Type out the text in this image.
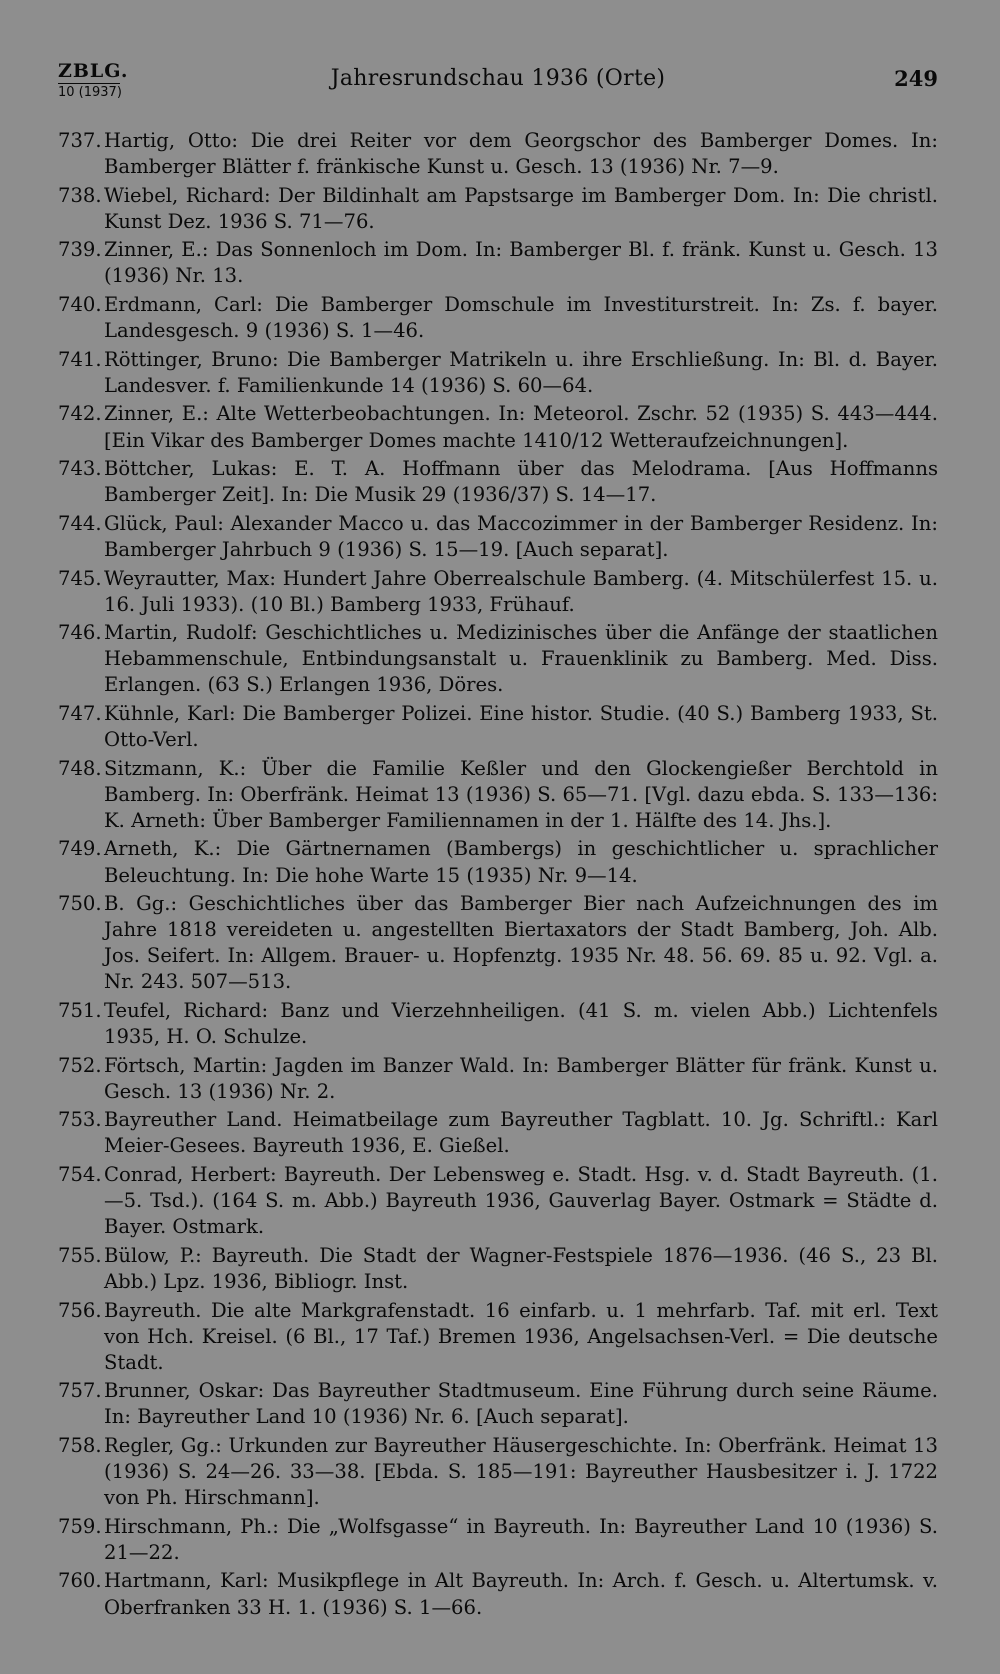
ZBLG.
10 (1937)
Jahresrundschau 1936 (Orte)	249
737. Hartig, Otto: Die drei Reiter vor dem Georgschor des Bamberger Domes. In: Bamberger Blätter f. fränkische Kunst u. Gesch. 13 (1936) Nr. 7—9.
738. Wiebel, Richard: Der Bildinhalt am Papstsarge im Bamberger Dom. In: Die christl. Kunst Dez. 1936 S. 71—76.
739. Zinner, E.: Das Sonnenloch im Dom. In: Bamberger Bl. f. fränk. Kunst u. Gesch. 13 (1936) Nr. 13.
740. Erdmann, Carl: Die Bamberger Domschule im Investiturstreit. In: Zs. f. bayer. Landesgesch. 9 (1936) S. 1—46.
741. Röttinger, Bruno: Die Bamberger Matrikeln u. ihre Erschließung. In: Bl. d. Bayer. Landesver. f. Familienkunde 14 (1936) S. 60—64.
742. Zinner, E.: Alte Wetterbeobachtungen. In: Meteorol. Zschr. 52 (1935) S. 443—444. [Ein Vikar des Bamberger Domes machte 1410/12 Wetteraufzeichnungen].
743. Böttcher, Lukas: E. T. A. Hoffmann über das Melodrama. [Aus Hoffmanns Bamberger Zeit]. In: Die Musik 29 (1936/37) S. 14—17.
744. Glück, Paul: Alexander Macco u. das Maccozimmer in der Bamberger Residenz. In: Bamberger Jahrbuch 9 (1936) S. 15—19. [Auch separat].
745. Weyrautter, Max: Hundert Jahre Oberrealschule Bamberg. (4. Mitschülerfest 15. u. 16. Juli 1933). (10 Bl.) Bamberg 1933, Frühauf.
746. Martin, Rudolf: Geschichtliches u. Medizinisches über die Anfänge der staatlichen Hebammenschule, Entbindungsanstalt u. Frauenklinik zu Bamberg. Med. Diss. Erlangen. (63 S.) Erlangen 1936, Döres.
747. Kühnle, Karl: Die Bamberger Polizei. Eine histor. Studie. (40 S.) Bamberg 1933, St. Otto-Verl.
748. Sitzmann, K.: Über die Familie Keßler und den Glockengießer Berchtold in Bamberg. In: Oberfränk. Heimat 13 (1936) S. 65—71. [Vgl. dazu ebda. S. 133—136: K. Arneth: Über Bamberger Familiennamen in der 1. Hälfte des 14. Jhs.].
749. Arneth, K.: Die Gärtnernamen (Bambergs) in geschichtlicher u. sprachlicher Beleuchtung. In: Die hohe Warte 15 (1935) Nr. 9—14.
750. B. Gg.: Geschichtliches über das Bamberger Bier nach Aufzeichnungen des im Jahre 1818 vereideten u. angestellten Biertaxators der Stadt Bamberg, Joh. Alb. Jos. Seifert. In: Allgem. Brauer- u. Hopfenztg. 1935 Nr. 48. 56. 69. 85 u. 92. Vgl. a. Nr. 243. 507—513.
751. Teufel, Richard: Banz und Vierzehnheiligen. (41 S. m. vielen Abb.) Lichtenfels 1935, H. O. Schulze.
752. Förtsch, Martin: Jagden im Banzer Wald. In: Bamberger Blätter für fränk. Kunst u. Gesch. 13 (1936) Nr. 2.
753. Bayreuther Land. Heimatbeilage zum Bayreuther Tagblatt. 10. Jg. Schriftl.: Karl Meier-Gesees. Bayreuth 1936, E. Gießel.
754. Conrad, Herbert: Bayreuth. Der Lebensweg e. Stadt. Hsg. v. d. Stadt Bayreuth. (1.—5. Tsd.). (164 S. m. Abb.) Bayreuth 1936, Gauverlag Bayer. Ostmark = Städte d. Bayer. Ostmark.
755. Bülow, P.: Bayreuth. Die Stadt der Wagner-Festspiele 1876—1936. (46 S., 23 Bl. Abb.) Lpz. 1936, Bibliogr. Inst.
756. Bayreuth. Die alte Markgrafenstadt. 16 einfarb. u. 1 mehrfarb. Taf. mit erl. Text von Hch. Kreisel. (6 Bl., 17 Taf.) Bremen 1936, Angelsachsen-Verl. = Die deutsche Stadt.
757. Brunner, Oskar: Das Bayreuther Stadtmuseum. Eine Führung durch seine Räume. In: Bayreuther Land 10 (1936) Nr. 6. [Auch separat].
758. Regler, Gg.: Urkunden zur Bayreuther Häusergeschichte. In: Oberfränk. Heimat 13 (1936) S. 24—26. 33—38. [Ebda. S. 185—191: Bayreuther Hausbesitzer i. J. 1722 von Ph. Hirschmann].
759. Hirschmann, Ph.: Die „Wolfsgasse“ in Bayreuth. In: Bayreuther Land 10 (1936) S. 21—22.
760. Hartmann, Karl: Musikpflege in Alt Bayreuth. In: Arch. f. Gesch. u. Altertumsk. v. Oberfranken 33 H. 1. (1936) S. 1—66.
